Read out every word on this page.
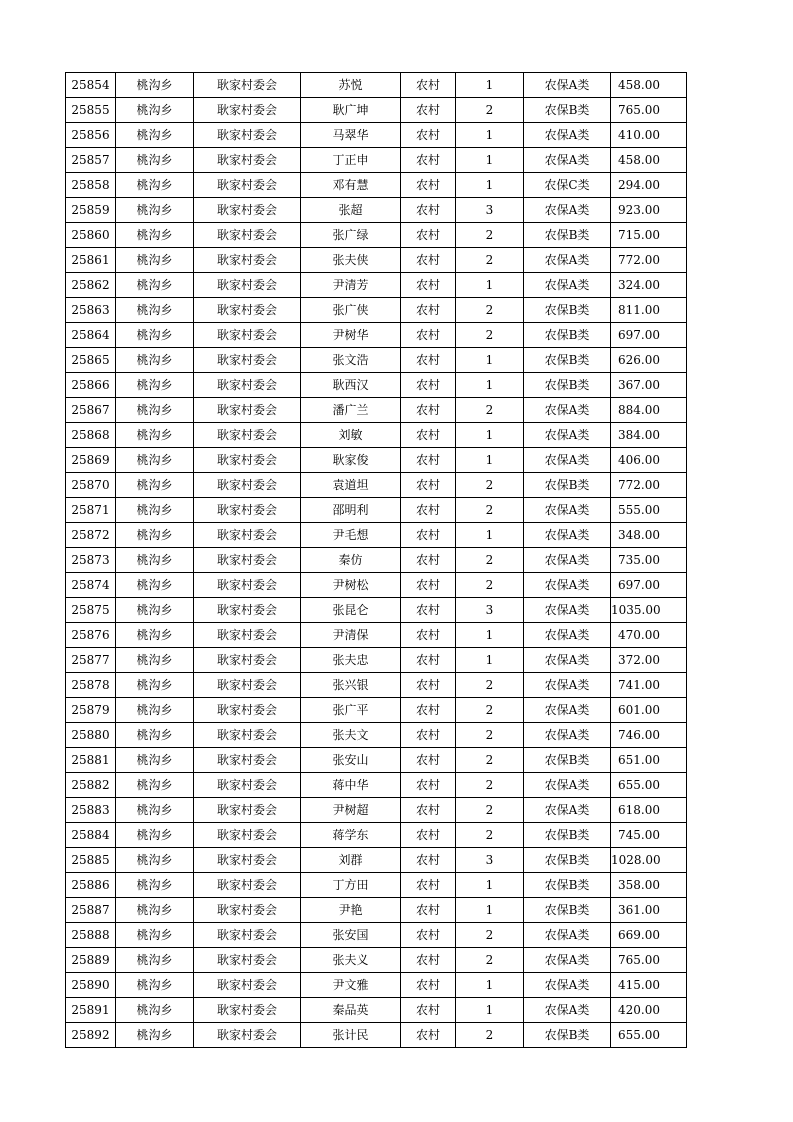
25854	桃沟乡	耿家村委会	苏悦	农村	1	农保A类	458.00
25855	桃沟乡	耿家村委会	耿广坤	农村	2	农保B类	765.00
25856	桃沟乡	耿家村委会	马翠华	农村	1	农保A类	410.00
25857	桃沟乡	耿家村委会	丁正申	农村	1	农保A类	458.00
25858	桃沟乡	耿家村委会	邓有慧	农村	1	农保C类	294.00
25859	桃沟乡	耿家村委会	张超	农村	3	农保A类	923.00
25860	桃沟乡	耿家村委会	张广绿	农村	2	农保B类	715.00
25861	桃沟乡	耿家村委会	张夫侠	农村	2	农保A类	772.00
25862	桃沟乡	耿家村委会	尹清芳	农村	1	农保A类	324.00
25863	桃沟乡	耿家村委会	张广侠	农村	2	农保B类	811.00
25864	桃沟乡	耿家村委会	尹树华	农村	2	农保B类	697.00
25865	桃沟乡	耿家村委会	张文浩	农村	1	农保B类	626.00
25866	桃沟乡	耿家村委会	耿西汉	农村	1	农保B类	367.00
25867	桃沟乡	耿家村委会	潘广兰	农村	2	农保A类	884.00
25868	桃沟乡	耿家村委会	刘敏	农村	1	农保A类	384.00
25869	桃沟乡	耿家村委会	耿家俊	农村	1	农保A类	406.00
25870	桃沟乡	耿家村委会	袁道坦	农村	2	农保B类	772.00
25871	桃沟乡	耿家村委会	邵明利	农村	2	农保A类	555.00
25872	桃沟乡	耿家村委会	尹毛想	农村	1	农保A类	348.00
25873	桃沟乡	耿家村委会	秦仿	农村	2	农保A类	735.00
25874	桃沟乡	耿家村委会	尹树松	农村	2	农保A类	697.00
25875	桃沟乡	耿家村委会	张昆仑	农村	3	农保A类	1035.00
25876	桃沟乡	耿家村委会	尹清保	农村	1	农保A类	470.00
25877	桃沟乡	耿家村委会	张夫忠	农村	1	农保A类	372.00
25878	桃沟乡	耿家村委会	张兴银	农村	2	农保A类	741.00
25879	桃沟乡	耿家村委会	张广平	农村	2	农保A类	601.00
25880	桃沟乡	耿家村委会	张夫文	农村	2	农保A类	746.00
25881	桃沟乡	耿家村委会	张安山	农村	2	农保B类	651.00
25882	桃沟乡	耿家村委会	蒋中华	农村	2	农保A类	655.00
25883	桃沟乡	耿家村委会	尹树超	农村	2	农保A类	618.00
25884	桃沟乡	耿家村委会	蒋学东	农村	2	农保B类	745.00
25885	桃沟乡	耿家村委会	刘群	农村	3	农保B类	1028.00
25886	桃沟乡	耿家村委会	丁方田	农村	1	农保B类	358.00
25887	桃沟乡	耿家村委会	尹艳	农村	1	农保B类	361.00
25888	桃沟乡	耿家村委会	张安国	农村	2	农保A类	669.00
25889	桃沟乡	耿家村委会	张夫义	农村	2	农保A类	765.00
25890	桃沟乡	耿家村委会	尹文雅	农村	1	农保A类	415.00
25891	桃沟乡	耿家村委会	秦品英	农村	1	农保A类	420.00
25892	桃沟乡	耿家村委会	张计民	农村	2	农保B类	655.00
